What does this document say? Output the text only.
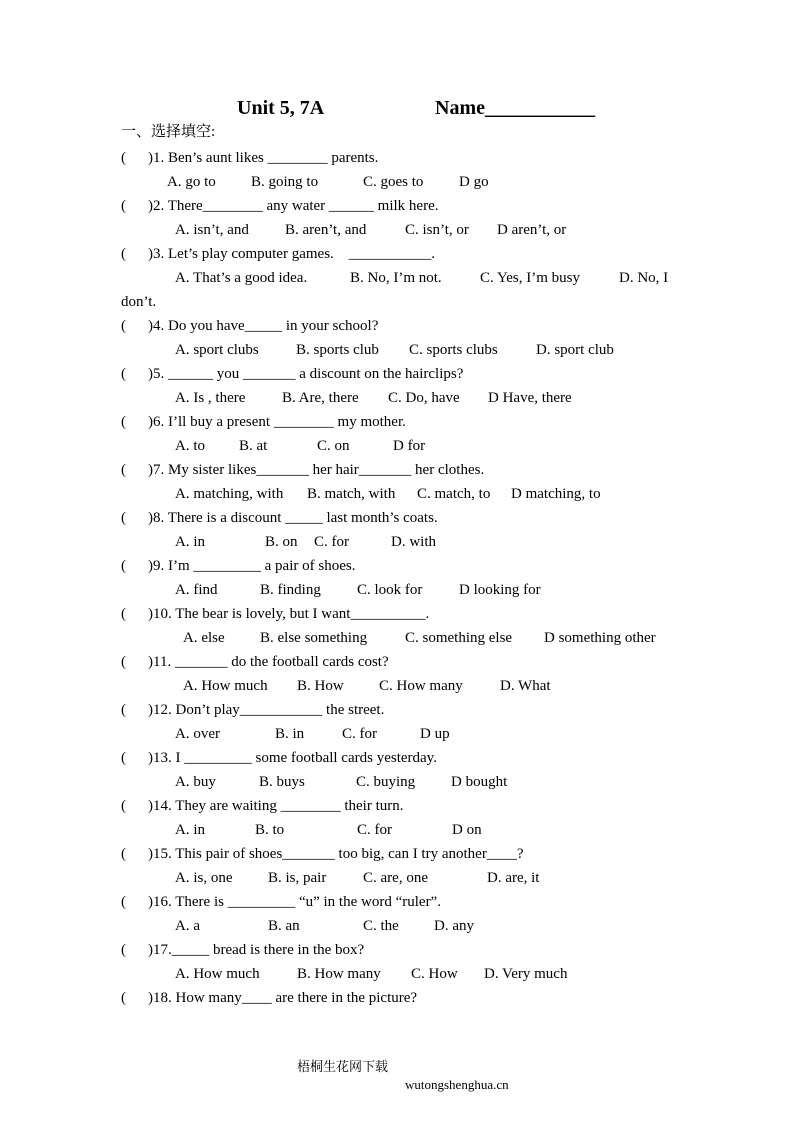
Unit 5, 7A	Name___________
一、选择填空:
( )1. Ben’s aunt likes ________ parents.
A. go to B. going to	C. goes to D go
( )2. There________ any water ______ milk here.
A. isn’t, and B. aren’t, and	C. isn’t, or D aren’t, or
( )3. Let’s play computer games.    ___________.
A. That’s a good idea.	B. No, I’m not.	C. Yes, I’m busy	D. No, I
don’t.
( )4. Do you have_____ in your school?
A. sport clubs B. sports club C. sports clubs	D. sport club
( )5. ______ you _______ a discount on the hairclips?
A. Is , there B. Are, there C. Do, have D Have, there
( )6. I’ll buy a present ________ my mother.
A. to B. at	C. on	D for
( )7. My sister likes_______ her hair_______ her clothes.
A. matching, with B. match, with C. match, to D matching, to
( )8. There is a discount _____ last month’s coats.
A. in	B. on C. for	D. with
( )9. I’m _________ a pair of shoes.
A. find	B. finding C. look for D looking for
( )10. The bear is lovely, but I want__________.
A. else B. else something	C. something else D something other
( )11. _______ do the football cards cost?
A. How much B. How C. How many D. What
( )12. Don’t play___________ the street.
A. over	B. in	C. for	D up
( )13. I _________ some football cards yesterday.
A. buy	B. buys	C. buying D bought
( )14. They are waiting ________ their turn.
A. in	B. to	C. for	D on
( )15. This pair of shoes_______ too big, can I try another____?
A. is, one B. is, pair C. are, one	D. are, it
( )16. There is _________ “u” in the word “ruler”.
A. a	B. an	C. the D. any
( )17._____ bread is there in the box?
A. How much B. How many C. How D. Very much
( )18. How many____ are there in the picture?

梧桐生花网下载

wutongshenghua.cn
